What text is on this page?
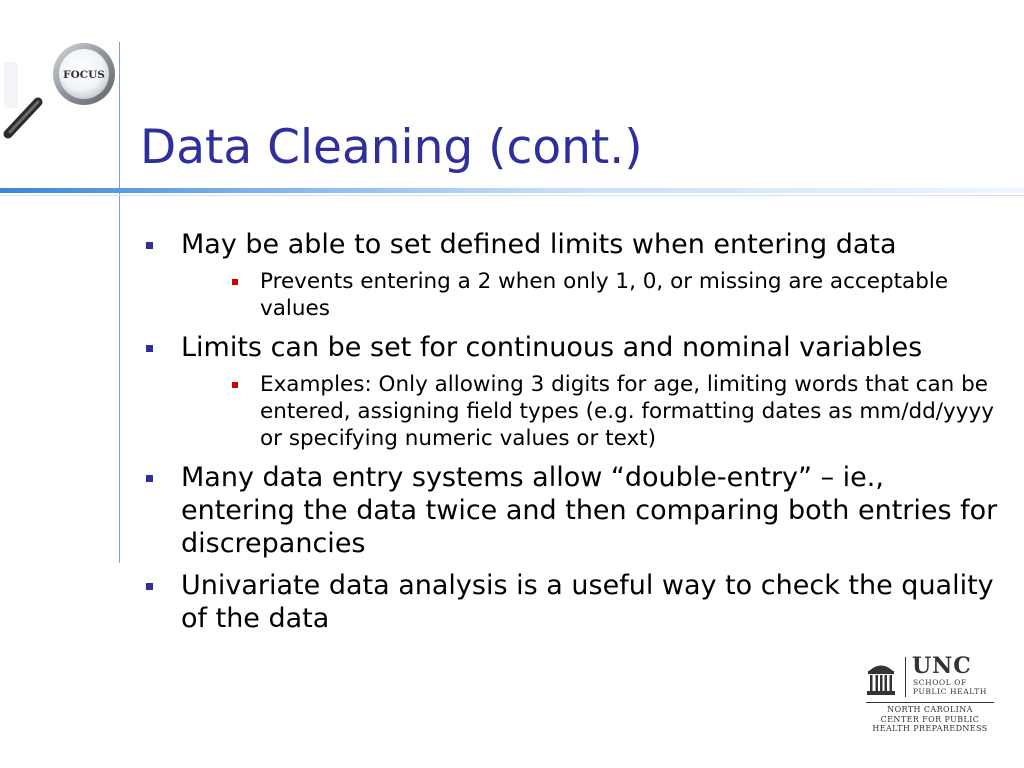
FOCUS
Data Cleaning (cont.)
May be able to set defined limits when entering data
Prevents entering a 2 when only 1, 0, or missing are acceptable values
Limits can be set for continuous and nominal variables
Examples: Only allowing 3 digits for age, limiting words that can be entered, assigning field types (e.g. formatting dates as mm/dd/yyyy or specifying numeric values or text)
Many data entry systems allow “double-entry” – ie., entering the data twice and then comparing both entries for discrepancies
Univariate data analysis is a useful way to check the quality of the data
UNC
SCHOOL OF
PUBLIC HEALTH
NORTH CAROLINA
CENTER FOR PUBLIC
HEALTH PREPAREDNESS
